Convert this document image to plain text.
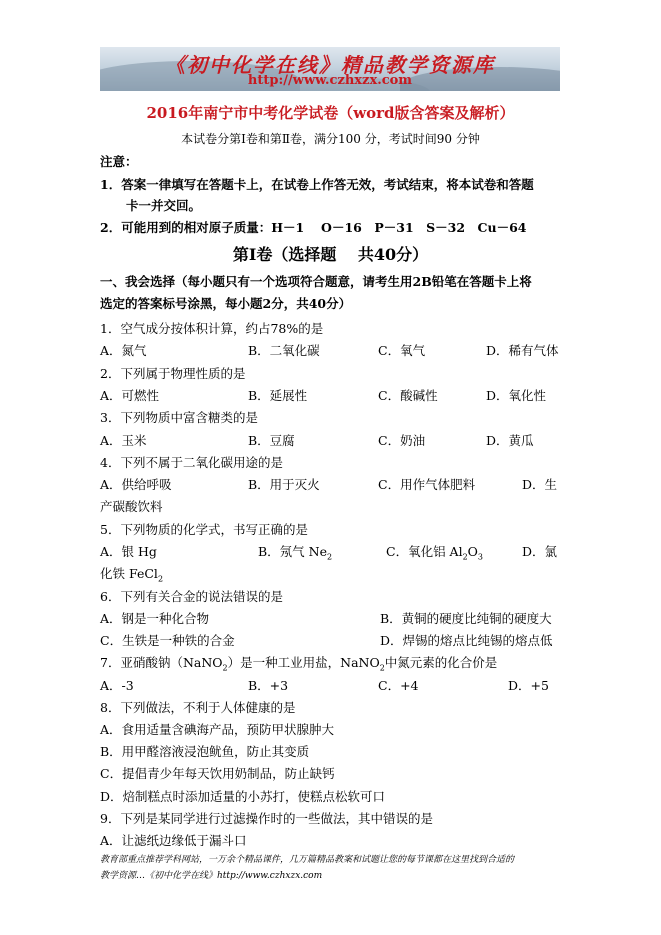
《初中化学在线》精品教学资源库
http://www.czhxzx.com
2016年南宁市中考化学试卷（word版含答案及解析）
本试卷分第Ⅰ卷和第Ⅱ卷，满分100 分，考试时间90 分钟
注意：
1．答案一律填写在答题卡上，在试卷上作答无效，考试结束，将本试卷和答题
卡一并交回。
2．可能用到的相对原子质量：H－1　 O－16　P－31　S－32　Cu－64
第Ⅰ卷（选择题　 共40分）
一、我会选择（每小题只有一个选项符合题意，请考生用2B铅笔在答题卡上将
选定的答案标号涂黑，每小题2分，共40分）
1．空气成分按体积计算，约占78%的是
A．氮气	B．二氧化碳	C．氧气	D．稀有气体
2．下列属于物理性质的是
A．可燃性	B．延展性	C．酸碱性	D．氧化性
3．下列物质中富含糖类的是
A．玉米	B．豆腐	C．奶油	D．黄瓜
4．下列不属于二氧化碳用途的是
A．供给呼吸	B．用于灭火	C．用作气体肥料	D．生
产碳酸饮料
5．下列物质的化学式，书写正确的是
A．银 Hg	B．氖气 $Ne_2$	C．氧化铝 $Al_2O_3$	D．氯
化铁 FeCl$_2$
6．下列有关合金的说法错误的是
A．钢是一种化合物	B．黄铜的硬度比纯铜的硬度大
C．生铁是一种铁的合金	D．焊锡的熔点比纯锡的熔点低
7．亚硝酸钠（NaNO$_2$）是一种工业用盐，NaNO$_2$中氮元素的化合价是
A．-3	B．+3	C．+4	D．+5
8．下列做法，不利于人体健康的是
A．食用适量含碘海产品，预防甲状腺肿大
B．用甲醛溶液浸泡鱿鱼，防止其变质
C．提倡青少年每天饮用奶制品，防止缺钙
D．焙制糕点时添加适量的小苏打，使糕点松软可口
9．下列是某同学进行过滤操作时的一些做法，其中错误的是
A．让滤纸边缘低于漏斗口
教育部重点推荐学科网站，一万余个精品课件，几万篇精品教案和试题让您的每节课都在这里找到合适的
教学资源…《初中化学在线》http://www.czhxzx.com
